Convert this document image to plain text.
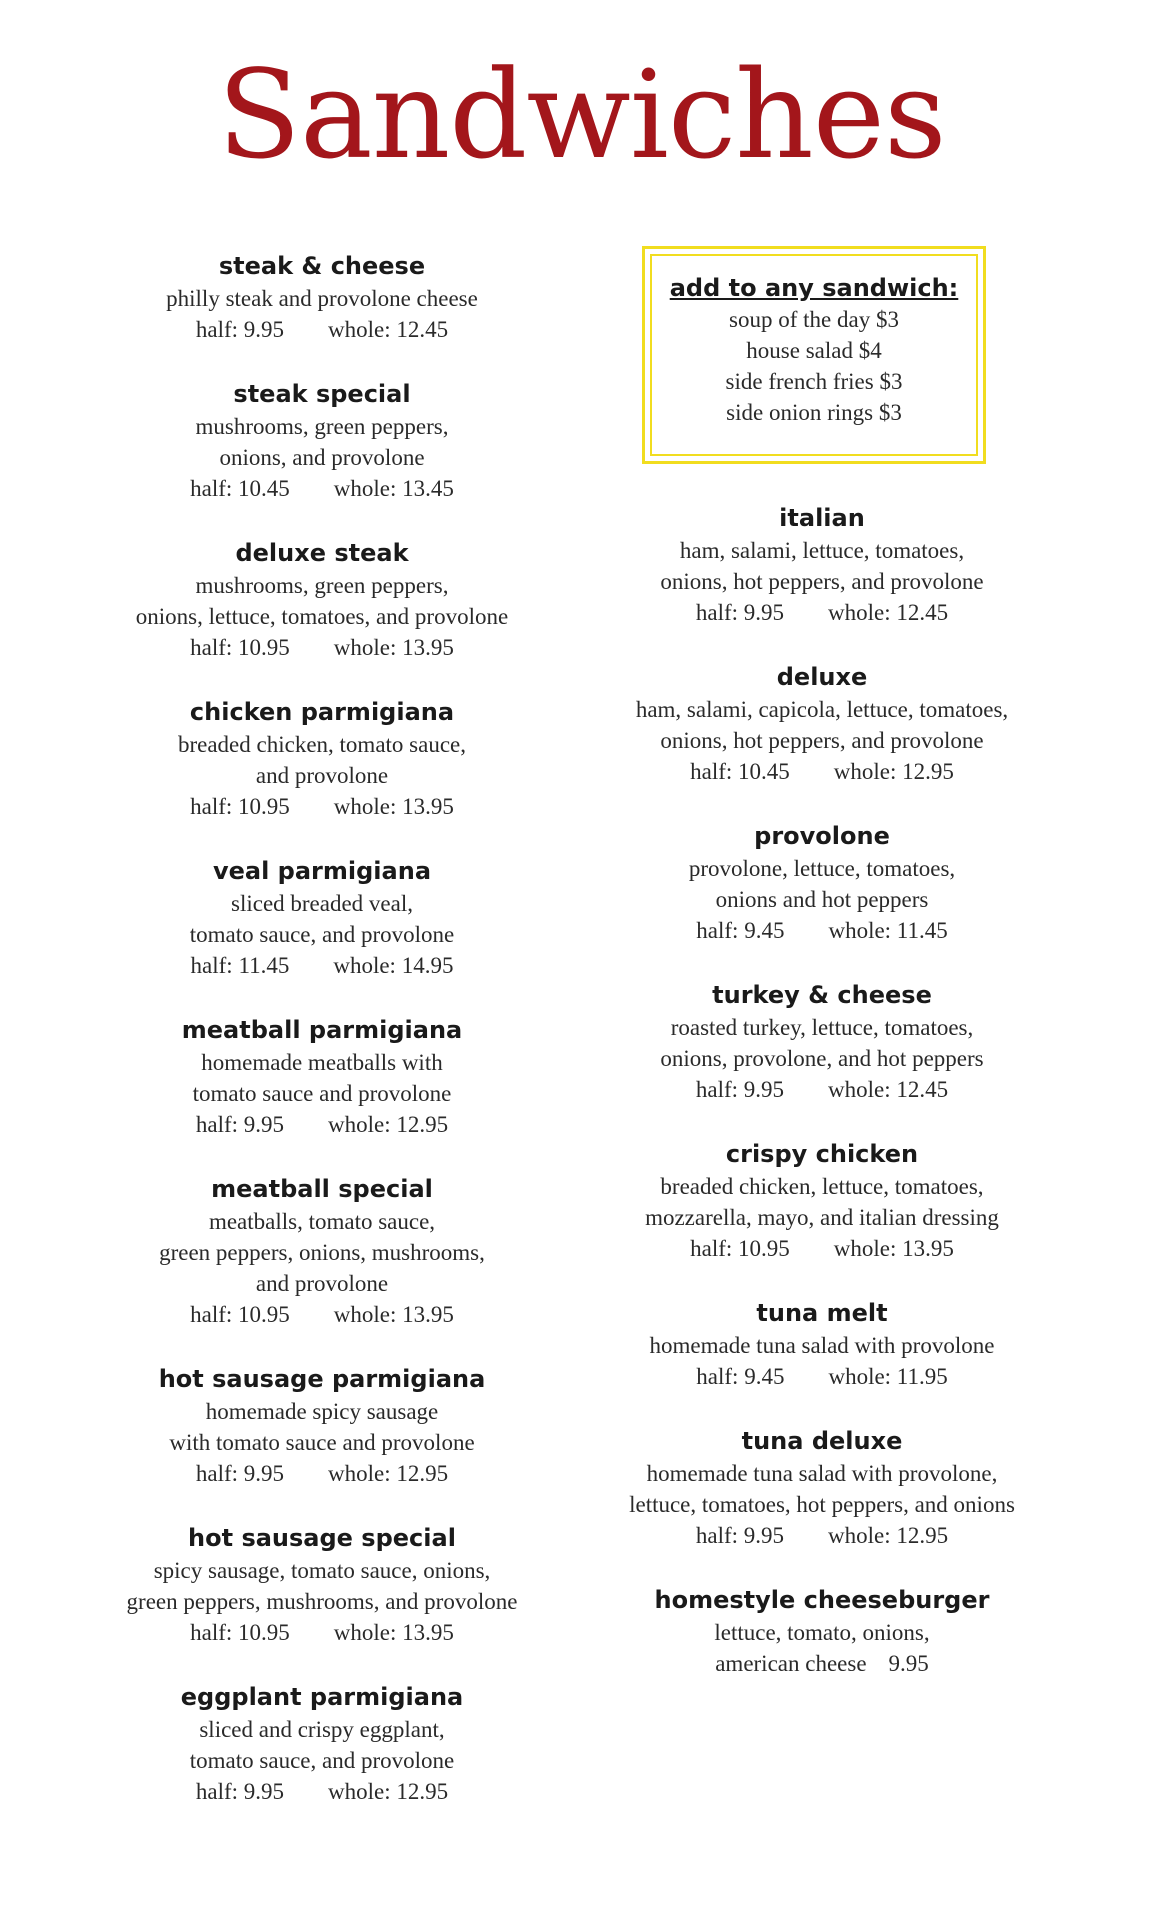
Sandwiches
steak & cheese
philly steak and provolone cheese
half: 9.95 whole: 12.45
steak special
mushrooms, green peppers,
onions, and provolone
half: 10.45 whole: 13.45
deluxe steak
mushrooms, green peppers,
onions, lettuce, tomatoes, and provolone
half: 10.95 whole: 13.95
chicken parmigiana
breaded chicken, tomato sauce,
and provolone
half: 10.95 whole: 13.95
veal parmigiana
sliced breaded veal,
tomato sauce, and provolone
half: 11.45 whole: 14.95
meatball parmigiana
homemade meatballs with
tomato sauce and provolone
half: 9.95 whole: 12.95
meatball special
meatballs, tomato sauce,
green peppers, onions, mushrooms,
and provolone
half: 10.95 whole: 13.95
hot sausage parmigiana
homemade spicy sausage
with tomato sauce and provolone
half: 9.95 whole: 12.95
hot sausage special
spicy sausage, tomato sauce, onions,
green peppers, mushrooms, and provolone
half: 10.95 whole: 13.95
eggplant parmigiana
sliced and crispy eggplant,
tomato sauce, and provolone
half: 9.95 whole: 12.95
add to any sandwich:
soup of the day $3
house salad $4
side french fries $3
side onion rings $3
italian
ham, salami, lettuce, tomatoes,
onions, hot peppers, and provolone
half: 9.95 whole: 12.45
deluxe
ham, salami, capicola, lettuce, tomatoes,
onions, hot peppers, and provolone
half: 10.45 whole: 12.95
provolone
provolone, lettuce, tomatoes,
onions and hot peppers
half: 9.45 whole: 11.45
turkey & cheese
roasted turkey, lettuce, tomatoes,
onions, provolone, and hot peppers
half: 9.95 whole: 12.45
crispy chicken
breaded chicken, lettuce, tomatoes,
mozzarella, mayo, and italian dressing
half: 10.95 whole: 13.95
tuna melt
homemade tuna salad with provolone
half: 9.45 whole: 11.95
tuna deluxe
homemade tuna salad with provolone,
lettuce, tomatoes, hot peppers, and onions
half: 9.95 whole: 12.95
homestyle cheeseburger
lettuce, tomato, onions,
american cheese 9.95
